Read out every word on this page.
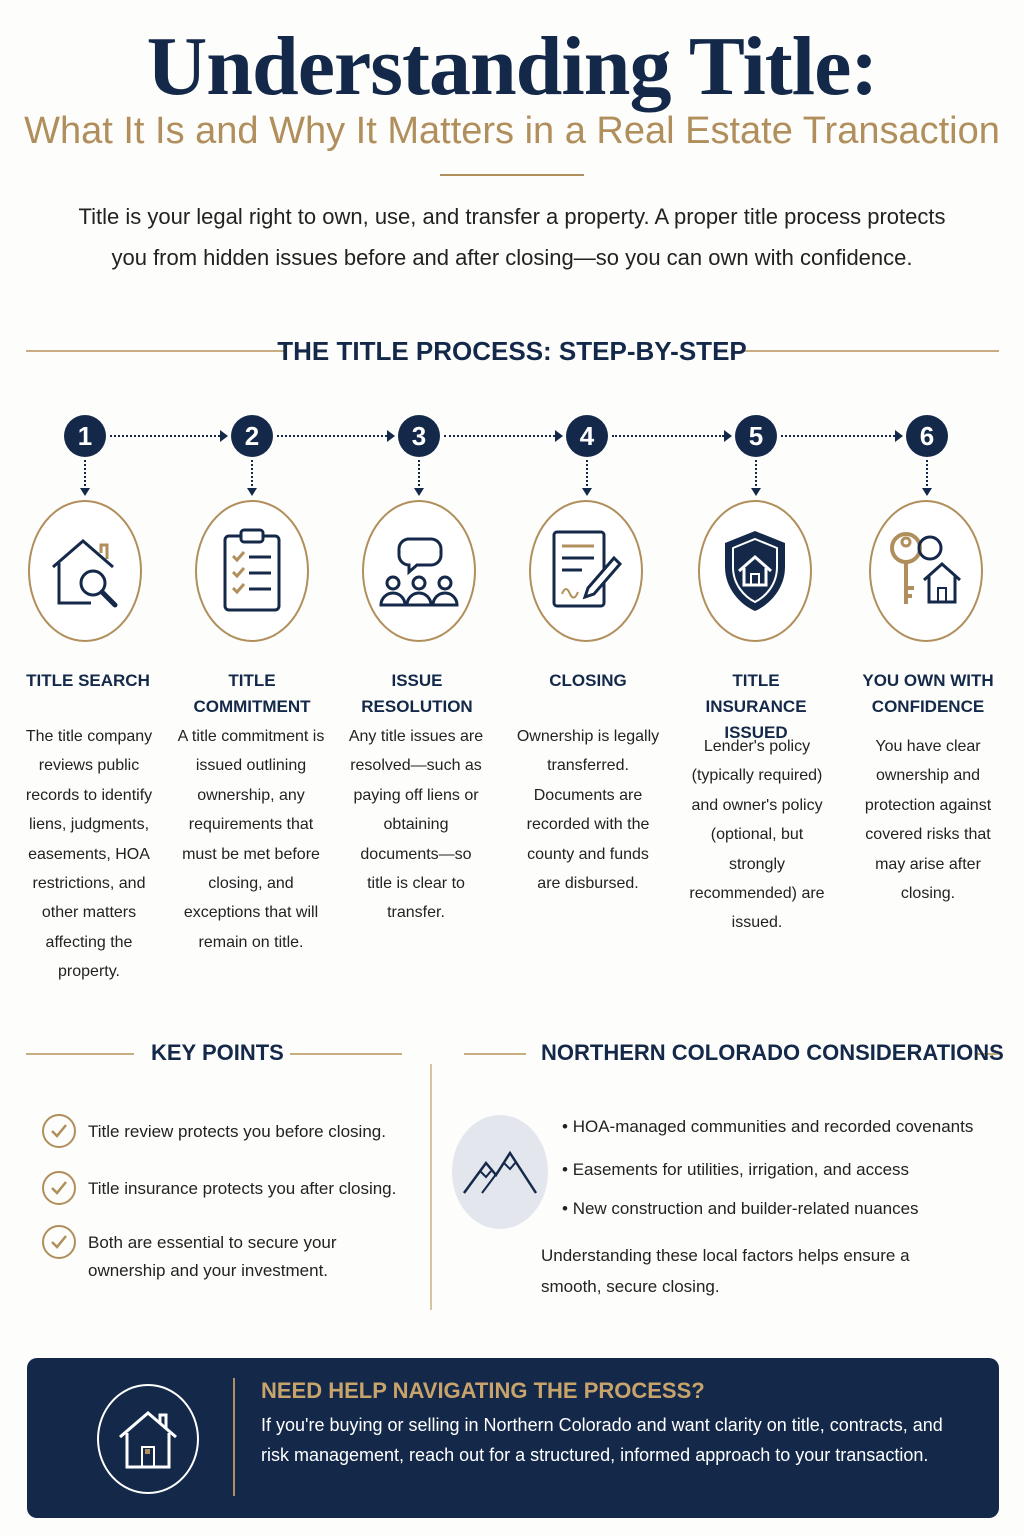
Understanding Title:
What It Is and Why It Matters in a Real Estate Transaction
Title is your legal right to own, use, and transfer a property. A proper title process protects you from hidden issues before and after closing—so you can own with confidence.
THE TITLE PROCESS: STEP-BY-STEP
1	2	3	4	5	6
TITLE SEARCH	TITLE COMMITMENT
ISSUE RESOLUTION
CLOSING	TITLE INSURANCE ISSUED
YOU OWN WITH CONFIDENCE
The title company reviews public records to identify liens, judgments, easements, HOA restrictions, and other matters affecting the property.
A title commitment is issued outlining ownership, any requirements that must be met before closing, and exceptions that will remain on title.
Any title issues are resolved—such as paying off liens or obtaining documents—so title is clear to transfer.
Ownership is legally transferred. Documents are recorded with the county and funds are disbursed.
Lender's policy (typically required) and owner's policy (optional, but strongly recommended) are issued.
You have clear ownership and protection against covered risks that may arise after closing.
KEY POINTS
Title review protects you before closing.
Title insurance protects you after closing.
Both are essential to secure your ownership and your investment.
NORTHERN COLORADO CONSIDERATIONS
• HOA-managed communities and recorded covenants
• Easements for utilities, irrigation, and access
• New construction and builder-related nuances
Understanding these local factors helps ensure a smooth, secure closing.
NEED HELP NAVIGATING THE PROCESS?
If you're buying or selling in Northern Colorado and want clarity on title, contracts, and risk management, reach out for a structured, informed approach to your transaction.
